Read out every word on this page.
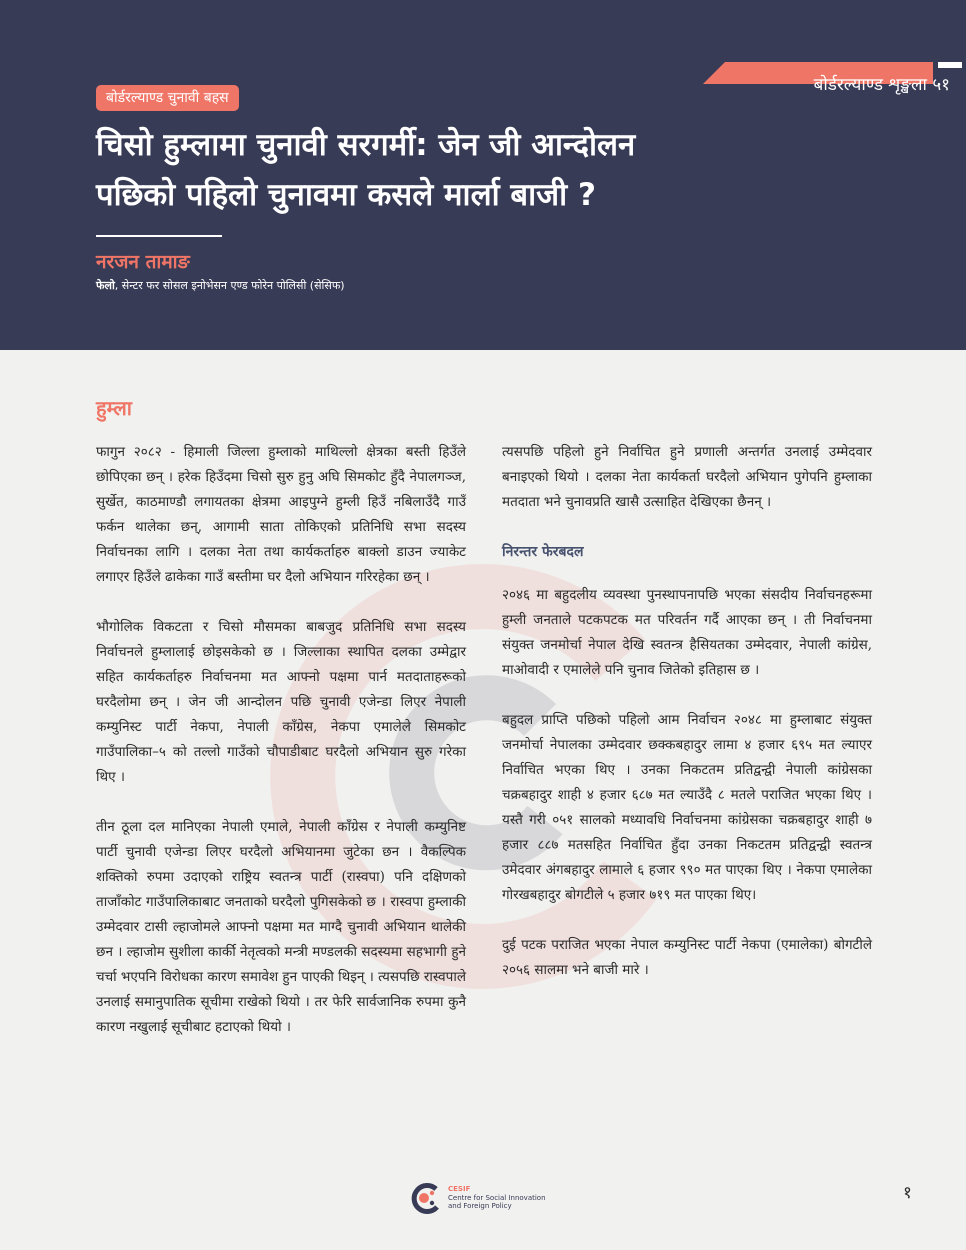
बोर्डरल्याण्ड शृङ्खला ५१
बोर्डरल्याण्ड चुनावी बहस
चिसो हुम्लामा चुनावी सरगर्मी: जेन जी आन्दोलन
पछिको पहिलो चुनावमा कसले मार्ला बाजी ?
नरजन तामाङ
फेलो, सेन्टर फर सोसल इनोभेसन एण्ड फोरेन पोलिसी (सेसिफ)
हुम्ला

फागुन २०८२ - हिमाली जिल्ला हुम्लाको माथिल्लो क्षेत्रका बस्ती हिउँले छोपिएका छन् । हरेक हिउँदमा चिसो सुरु हुनु अघि सिमकोट हुँदै नेपालगञ्ज, सुर्खेत, काठमाण्डौ लगायतका क्षेत्रमा आइपुग्ने हुम्ली हिउँ नबिलाउँदै गाउँ फर्कन थालेका छन्, आगामी साता तोकिएको प्रतिनिधि सभा सदस्य निर्वाचनका लागि । दलका नेता तथा कार्यकर्ताहरु बाक्लो डाउन ज्याकेट लगाएर हिउँले ढाकेका गाउँ बस्तीमा घर दैलो अभियान गरिरहेका छन् ।

भौगोलिक विकटता र चिसो मौसमका बाबजुद प्रतिनिधि सभा सदस्य निर्वाचनले हुम्लालाई छोइसकेको छ । जिल्लाका स्थापित दलका उम्मेद्वार सहित कार्यकर्ताहरु निर्वाचनमा मत आफ्नो पक्षमा पार्न मतदाताहरूको घरदैलोमा छन् । जेन जी आन्दोलन पछि चुनावी एजेन्डा लिएर नेपाली कम्युनिस्ट पार्टी नेकपा, नेपाली काँग्रेस, नेकपा एमालेले सिमकोट गाउँपालिका–५ को तल्लो गाउँको चौपाडीबाट घरदैलो अभियान सुरु गरेका थिए ।

तीन ठूला दल मानिएका नेपाली एमाले, नेपाली काँग्रेस र नेपाली कम्युनिष्ट पार्टी चुनावी एजेन्डा लिएर घरदैलो अभियानमा जुटेका छन । वैकल्पिक शक्तिको रुपमा उदाएको राष्ट्रिय स्वतन्त्र पार्टी (रास्वपा) पनि दक्षिणको ताजाँकोट गाउँपालिकाबाट जनताको घरदैलो पुगिसकेको छ । रास्वपा हुम्लाकी उम्मेदवार टासी ल्हाजोमले आफ्नो पक्षमा मत माग्दै चुनावी अभियान थालेकी छन । ल्हाजोम सुशीला कार्की नेतृत्वको मन्त्री मण्डलकी सदस्यमा सहभागी हुने चर्चा भएपनि विरोधका कारण समावेश हुन पाएकी थिइन् । त्यसपछि रास्वपाले उनलाई समानुपातिक सूचीमा राखेको थियो । तर फेरि सार्वजानिक रुपमा कुनै कारण नखुलाई सूचीबाट हटाएको थियो ।

त्यसपछि पहिलो हुने निर्वाचित हुने प्रणाली अन्तर्गत उनलाई उम्मेदवार बनाइएको थियो । दलका नेता कार्यकर्ता घरदैलो अभियान पुगेपनि हुम्लाका मतदाता भने चुनावप्रति खासै उत्साहित देखिएका छैनन् ।

निरन्तर फेरबदल

२०४६ मा बहुदलीय व्यवस्था पुनस्थापनापछि भएका संसदीय निर्वाचनहरूमा हुम्ली जनताले पटकपटक मत परिवर्तन गर्दै आएका छन् । ती निर्वाचनमा संयुक्त जनमोर्चा नेपाल देखि स्वतन्त्र हैसियतका उम्मेदवार, नेपाली कांग्रेस, माओवादी र एमालेले पनि चुनाव जितेको इतिहास छ ।

बहुदल प्राप्ति पछिको पहिलो आम निर्वाचन २०४८ मा हुम्लाबाट संयुक्त जनमोर्चा नेपालका उम्मेदवार छक्कबहादुर लामा ४ हजार ६९५ मत ल्याएर निर्वाचित भएका थिए । उनका निकटतम प्रतिद्वन्द्वी नेपाली कांग्रेसका चक्रबहादुर शाही ४ हजार ६८७ मत ल्याउँदै ८ मतले पराजित भएका थिए । यस्तै गरी ०५१ सालको मध्यावधि निर्वाचनमा कांग्रेसका चक्रबहादुर शाही ७ हजार ८८७ मतसहित निर्वाचित हुँदा उनका निकटतम प्रतिद्वन्द्वी स्वतन्त्र उमेदवार अंगबहादुर लामाले ६ हजार ९९० मत पाएका थिए । नेकपा एमालेका गोरखबहादुर बोगटीले ५ हजार ७१९ मत पाएका थिए।

दुई पटक पराजित भएका नेपाल कम्युनिस्ट पार्टी नेकपा (एमालेका) बोगटीले २०५६ सालमा भने बाजी मारे ।

CESIF
Centre for Social Innovation
and Foreign Policy
१
